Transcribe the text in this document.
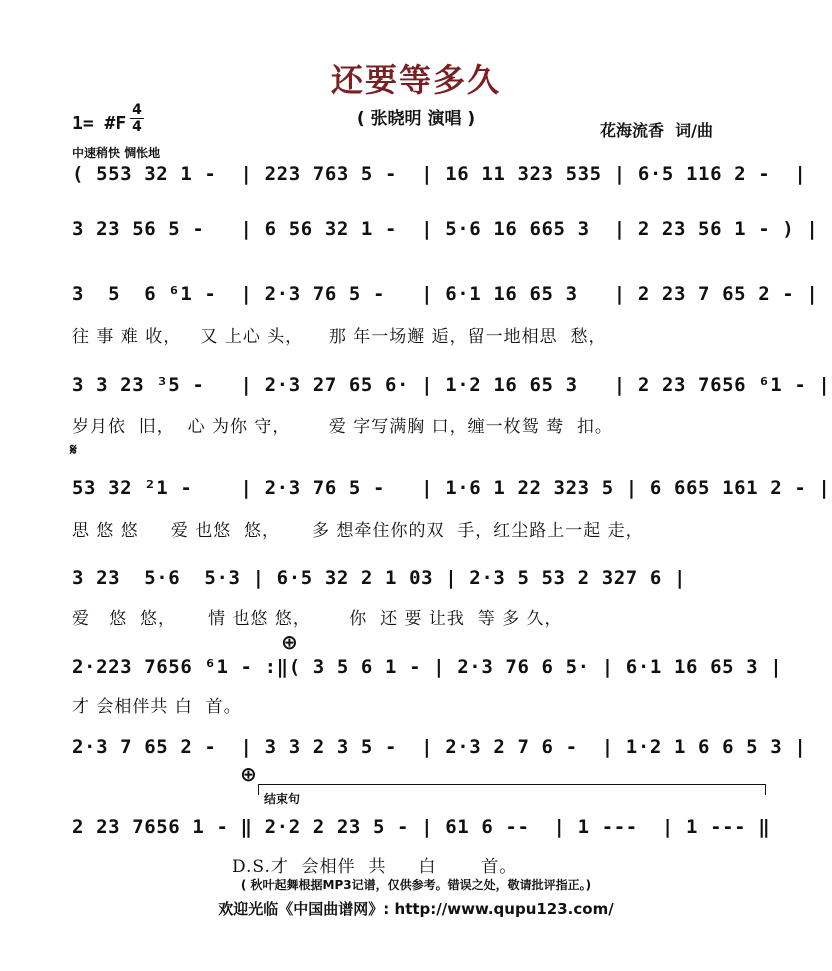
还要等多久
( 张晓明 演唱 )
1= #F
4
4	花海流香  词/曲
中速稍快 惆怅地
( 553 32 1 -  | 223 763 5 -  | 16 11 323 535 | 6·5 116 2 -  |
3 23 56 5 -   | 6 56 32 1 -  | 5·6 16 665 3  | 2 23 56 1 - ) |
3  5  6 ⁶1 -  | 2·3 76 5 -   | 6·1 16 65 3   | 2 23 7 65 2 - |
往 事 难 收，   又 上心 头，    那 年一场邂 逅，留一地相思  愁，
3 3 23 ³5 -   | 2·3 27 65 6· | 1·2 16 65 3   | 2 23 7656 ⁶1 - |
岁月依  旧，  心 为你 守，      爱 字写满胸 口，缠一枚鸳 鸯  扣。
𝄋
53 32 ²1 -    | 2·3 76 5 -   | 1·6 1 22 323 5 | 6 665 161 2 - |
思 悠 悠     爱 也悠  悠，     多 想牵住你的双  手，红尘路上一起 走，
3 23  5·6  5·3 | 6·5 32 2 1 03 | 2·3 5 53 2 327 6 |
爱   悠  悠，     情 也悠 悠，      你  还 要 让我  等 多 久，
⊕
2·223 7656 ⁶1 - :‖( 3 5 6 1 - | 2·3 76 6 5· | 6·1 16 65 3 |
才 会相伴共 白  首。
2·3 7 65 2 -  | 3 3 2 3 5 -  | 2·3 2 7 6 -  | 1·2 1 6 6 5 3 |
⊕
结束句
2 23 7656 1 - ‖ 2·2 2 23 5 - | 61 6 --  | 1 ---  | 1 --- ‖
D.S.才  会相伴  共     白       首。
( 秋叶起舞根据MP3记谱，仅供参考。错误之处，敬请批评指正。)
欢迎光临《中国曲谱网》: http://www.qupu123.com/
